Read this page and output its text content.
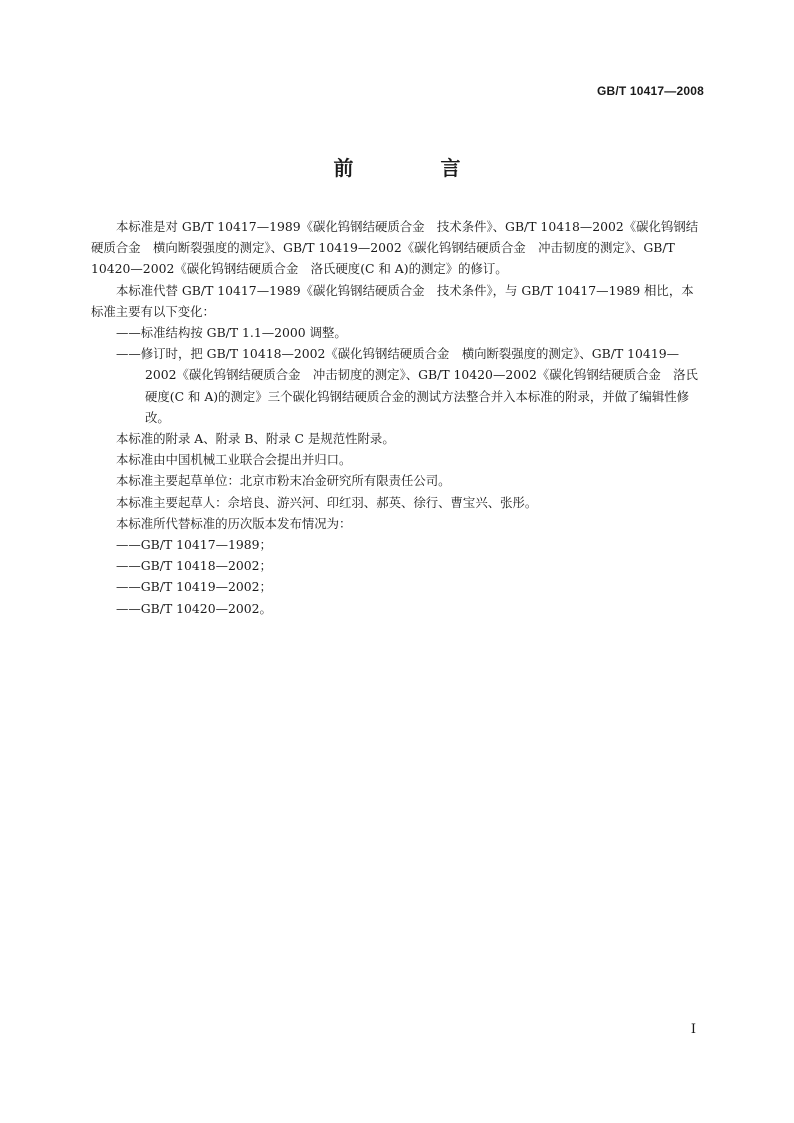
GB/T 10417—2008
前 言

本标准是对 GB/T 10417—1989《碳化钨钢结硬质合金　技术条件》、GB/T 10418—2002《碳化钨钢结硬质合金　横向断裂强度的测定》、GB/T 10419—2002《碳化钨钢结硬质合金　冲击韧度的测定》、GB/T 10420—2002《碳化钨钢结硬质合金　洛氏硬度(C 和 A)的测定》的修订。

本标准代替 GB/T 10417—1989《碳化钨钢结硬质合金　技术条件》，与 GB/T 10417—1989 相比，本标准主要有以下变化：

——标准结构按 GB/T 1.1—2000 调整。

——修订时，把 GB/T 10418—2002《碳化钨钢结硬质合金　横向断裂强度的测定》、GB/T 10419—2002《碳化钨钢结硬质合金　冲击韧度的测定》、GB/T 10420—2002《碳化钨钢结硬质合金　洛氏硬度(C 和 A)的测定》三个碳化钨钢结硬质合金的测试方法整合并入本标准的附录，并做了编辑性修改。

本标准的附录 A、附录 B、附录 C 是规范性附录。

本标准由中国机械工业联合会提出并归口。

本标准主要起草单位：北京市粉末冶金研究所有限责任公司。

本标准主要起草人：佘培良、游兴河、印红羽、郝英、徐行、曹宝兴、张彤。

本标准所代替标准的历次版本发布情况为：

——GB/T 10417—1989；

——GB/T 10418—2002；

——GB/T 10419—2002；

——GB/T 10420—2002。

I
